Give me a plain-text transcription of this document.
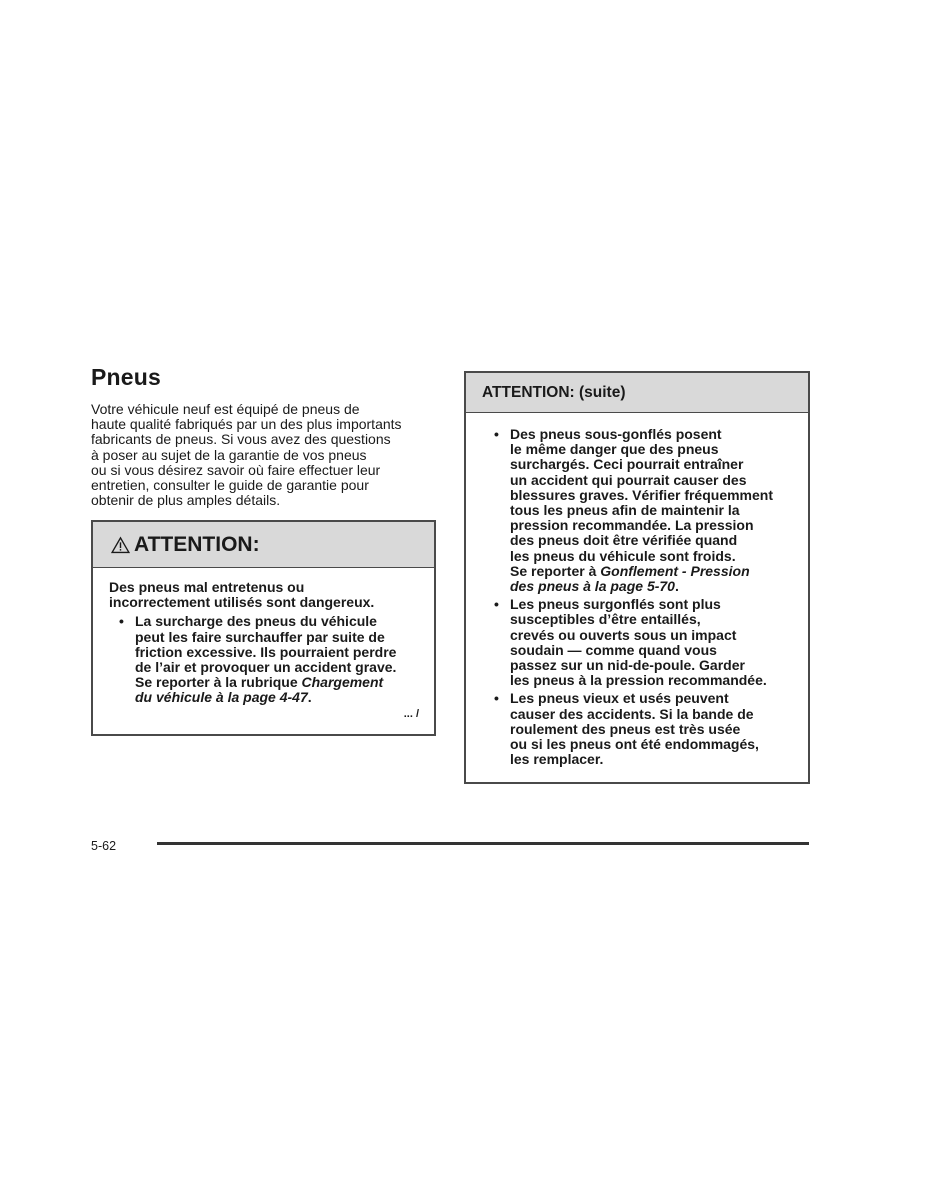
Pneus

Votre véhicule neuf est équipé de pneus de
haute qualité fabriqués par un des plus importants
fabricants de pneus. Si vous avez des questions
à poser au sujet de la garantie de vos pneus
ou si vous désirez savoir où faire effectuer leur
entretien, consulter le guide de garantie pour
obtenir de plus amples détails.

ATTENTION:
Des pneus mal entretenus ou
incorrectement utilisés sont dangereux.
• La surcharge des pneus du véhicule
peut les faire surchauffer par suite de
friction excessive. Ils pourraient perdre
de l’air et provoquer un accident grave.
Se reporter à la rubrique Chargement
du véhicule à la page 4-47.
... /
ATTENTION: (suite)
• Des pneus sous-gonflés posent
le même danger que des pneus
surchargés. Ceci pourrait entraîner
un accident qui pourrait causer des
blessures graves. Vérifier fréquemment
tous les pneus afin de maintenir la
pression recommandée. La pression
des pneus doit être vérifiée quand
les pneus du véhicule sont froids.
Se reporter à Gonflement - Pression
des pneus à la page 5-70.
• Les pneus surgonflés sont plus
susceptibles d’être entaillés,
crevés ou ouverts sous un impact
soudain — comme quand vous
passez sur un nid-de-poule. Garder
les pneus à la pression recommandée.
• Les pneus vieux et usés peuvent
causer des accidents. Si la bande de
roulement des pneus est très usée
ou si les pneus ont été endommagés,
les remplacer.
5-62
